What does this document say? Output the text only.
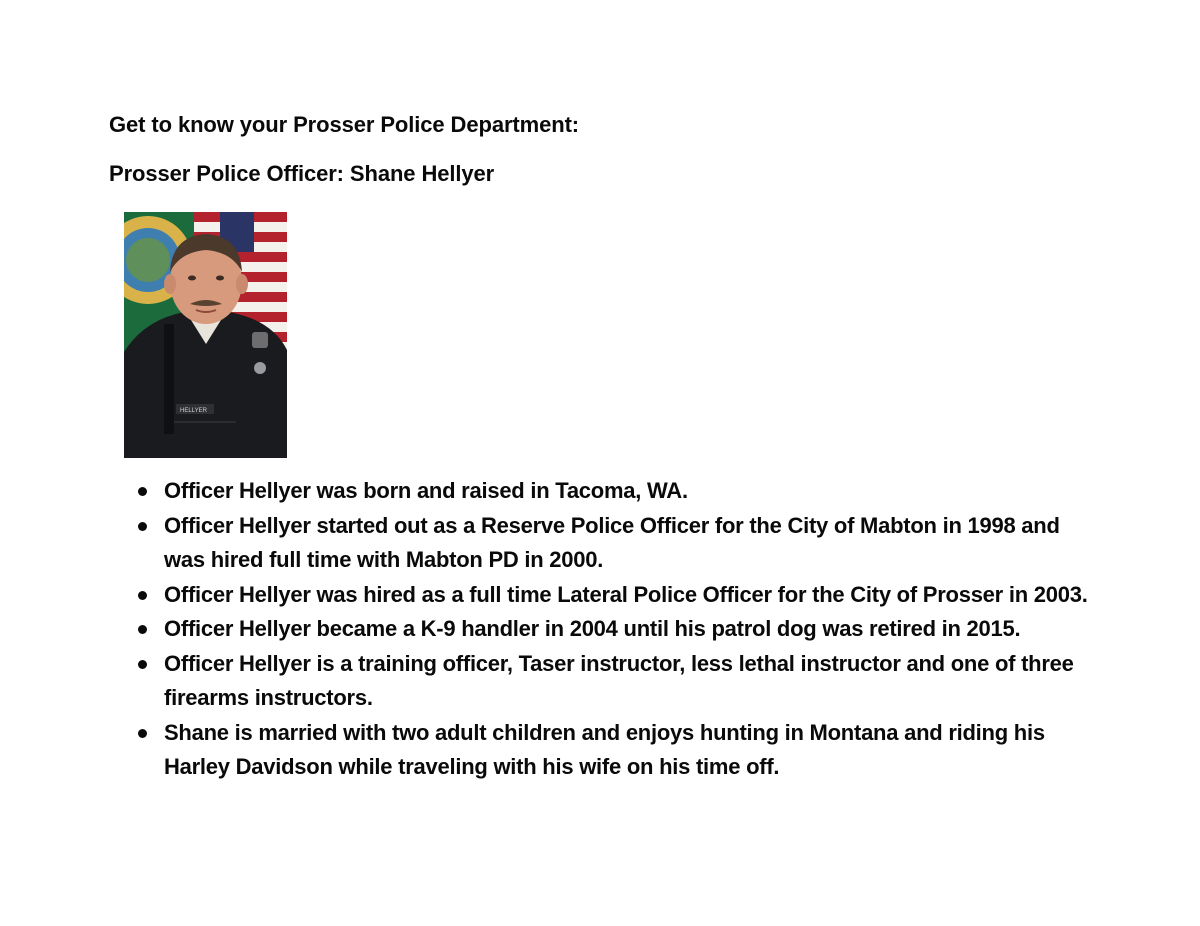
Get to know your Prosser Police Department:
Prosser Police Officer: Shane Hellyer
HELLYER
Officer Hellyer was born and raised in Tacoma, WA.
Officer Hellyer started out as a Reserve Police Officer for the City of Mabton in 1998 and
was hired full time with Mabton PD in 2000.
Officer Hellyer was hired as a full time Lateral Police Officer for the City of Prosser in 2003.
Officer Hellyer became a K-9 handler in 2004 until his patrol dog was retired in 2015.
Officer Hellyer is a training officer, Taser instructor, less lethal instructor and one of three
firearms instructors.
Shane is married with two adult children and enjoys hunting in Montana and riding his
Harley Davidson while traveling with his wife on his time off.
